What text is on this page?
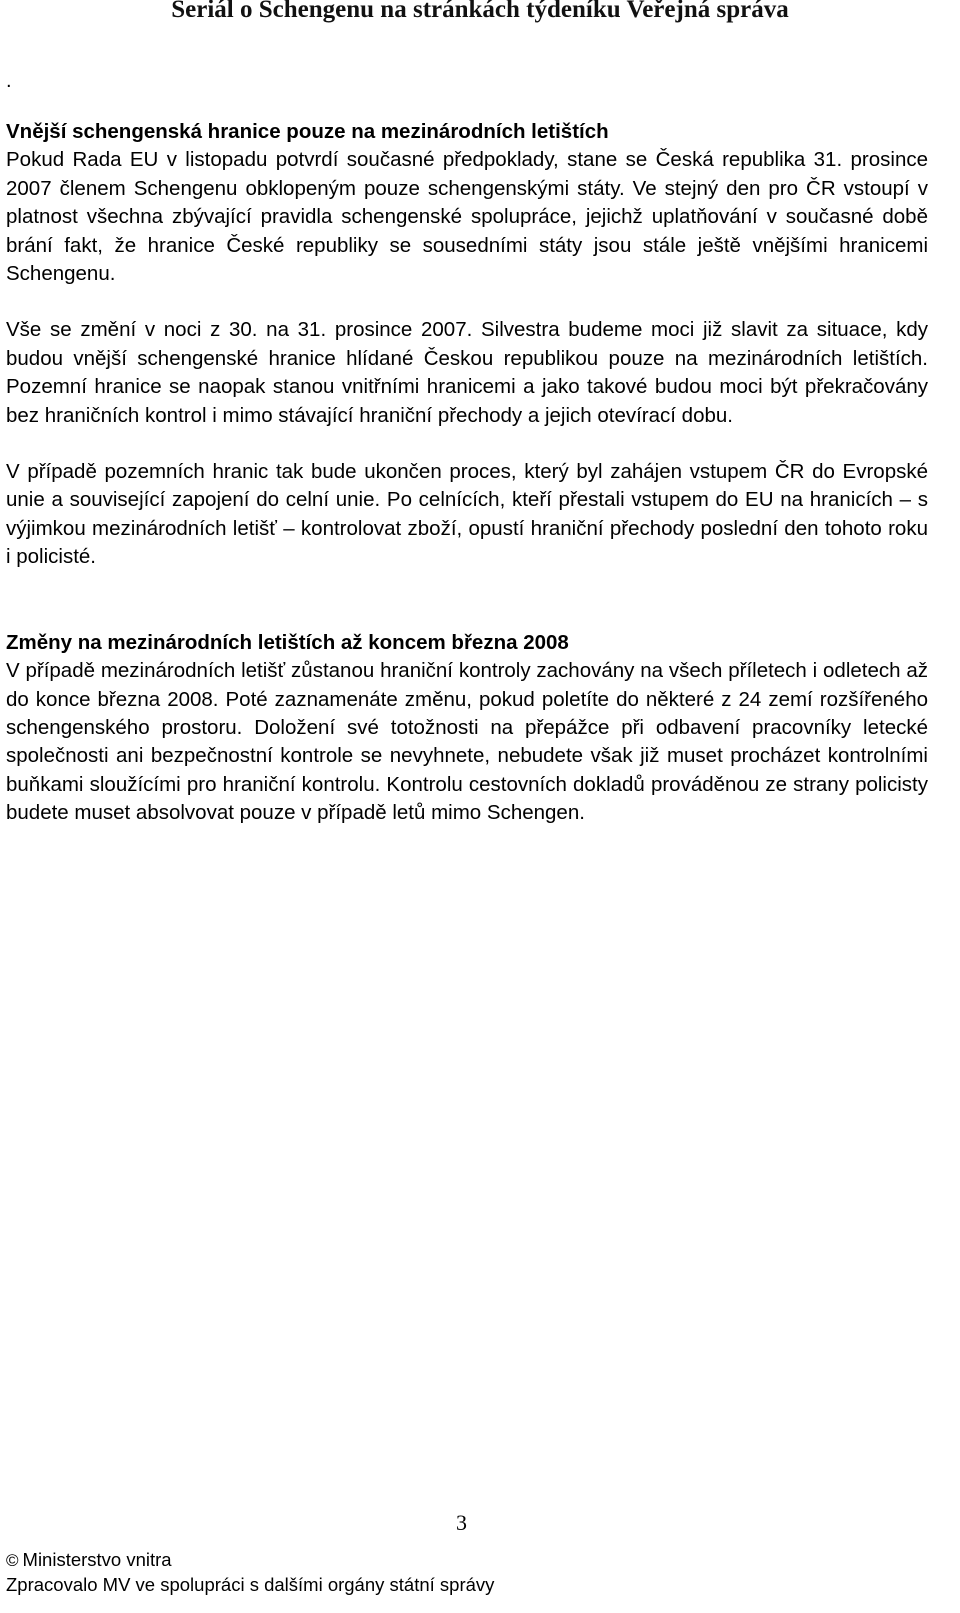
Seriál o Schengenu na stránkách týdeníku Veřejná správa
.

Vnější schengenská hranice pouze na mezinárodních letištích
Pokud Rada EU v listopadu potvrdí současné předpoklady, stane se Česká republika 31. prosince 2007 členem Schengenu obklopeným pouze schengenskými státy. Ve stejný den pro ČR vstoupí v platnost všechna zbývající pravidla schengenské spolupráce, jejichž uplatňování v současné době brání fakt, že hranice České republiky se sousedními státy jsou stále ještě vnějšími hranicemi Schengenu.

Vše se změní v noci z 30. na 31. prosince 2007. Silvestra budeme moci již slavit za situace, kdy budou vnější schengenské hranice hlídané Českou republikou pouze na mezinárodních letištích. Pozemní hranice se naopak stanou vnitřními hranicemi a jako takové budou moci být překračovány bez hraničních kontrol i mimo stávající hraniční přechody a jejich otevírací dobu.

V případě pozemních hranic tak bude ukončen proces, který byl zahájen vstupem ČR do Evropské unie a související zapojení do celní unie. Po celnících, kteří přestali vstupem do EU na hranicích – s výjimkou mezinárodních letišť – kontrolovat zboží, opustí hraniční přechody poslední den tohoto roku i policisté.

Změny na mezinárodních letištích až koncem března 2008
V případě mezinárodních letišť zůstanou hraniční kontroly zachovány na všech příletech i odletech až do konce března 2008. Poté zaznamenáte změnu, pokud poletíte do některé z 24 zemí rozšířeného schengenského prostoru. Doložení své totožnosti na přepážce při odbavení pracovníky letecké společnosti ani bezpečnostní kontrole se nevyhnete, nebudete však již muset procházet kontrolními buňkami sloužícími pro hraniční kontrolu. Kontrolu cestovních dokladů prováděnou ze strany policisty budete muset absolvovat pouze v případě letů mimo Schengen.

3
© Ministerstvo vnitra
Zpracovalo MV ve spolupráci s dalšími orgány státní správy
